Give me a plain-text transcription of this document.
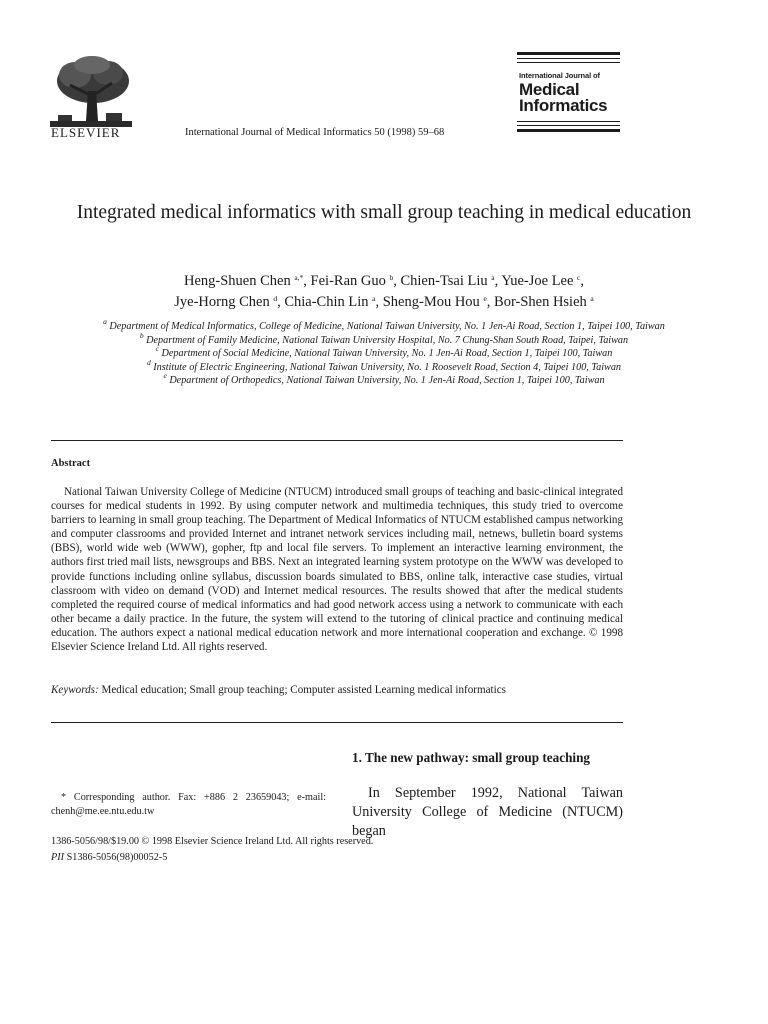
ELSEVIER	International Journal of Medical Informatics 50 (1998) 59–68
International Journal of
Medical
Informatics
Integrated medical informatics with small group teaching in medical education
Heng-Shuen Chen $^{a,*}$, Fei-Ran Guo $^b$, Chien-Tsai Liu $^a$, Yue-Joe Lee $^c$,
Jye-Horng Chen $^d$, Chia-Chin Lin $^a$, Sheng-Mou Hou $^e$, Bor-Shen Hsieh $^a$
$^a$ Department of Medical Informatics, College of Medicine, National Taiwan University, No. 1 Jen-Ai Road, Section 1, Taipei 100, Taiwan
$^b$ Department of Family Medicine, National Taiwan University Hospital, No. 7 Chung-Shan South Road, Taipei, Taiwan
$^c$ Department of Social Medicine, National Taiwan University, No. 1 Jen-Ai Road, Section 1, Taipei 100, Taiwan
$^d$ Institute of Electric Engineering, National Taiwan University, No. 1 Roosevelt Road, Section 4, Taipei 100, Taiwan
$^e$ Department of Orthopedics, National Taiwan University, No. 1 Jen-Ai Road, Section 1, Taipei 100, Taiwan
Abstract

National Taiwan University College of Medicine (NTUCM) introduced small groups of teaching and basic-clinical integrated courses for medical students in 1992. By using computer network and multimedia techniques, this study tried to overcome barriers to learning in small group teaching. The Department of Medical Informatics of NTUCM established campus networking and computer classrooms and provided Internet and intranet network services including mail, netnews, bulletin board systems (BBS), world wide web (WWW), gopher, ftp and local file servers. To implement an interactive learning environment, the authors first tried mail lists, newsgroups and BBS. Next an integrated learning system prototype on the WWW was developed to provide functions including online syllabus, discussion boards simulated to BBS, online talk, interactive case studies, virtual classroom with video on demand (VOD) and Internet medical resources. The results showed that after the medical students completed the required course of medical informatics and had good network access using a network to communicate with each other became a daily practice. In the future, the system will extend to the tutoring of clinical practice and continuing medical education. The authors expect a national medical education network and more international cooperation and exchange. © 1998 Elsevier Science Ireland Ltd. All rights reserved.

Keywords: Medical education; Small group teaching; Computer assisted Learning medical informatics
1. The new pathway: small group teaching

In September 1992, National Taiwan University College of Medicine (NTUCM) began

* Corresponding author. Fax: +886 2 23659043; e-mail: chenh@me.ee.ntu.edu.tw
1386-5056/98/$19.00 © 1998 Elsevier Science Ireland Ltd. All rights reserved.
PII S1386-5056(98)00052-5
